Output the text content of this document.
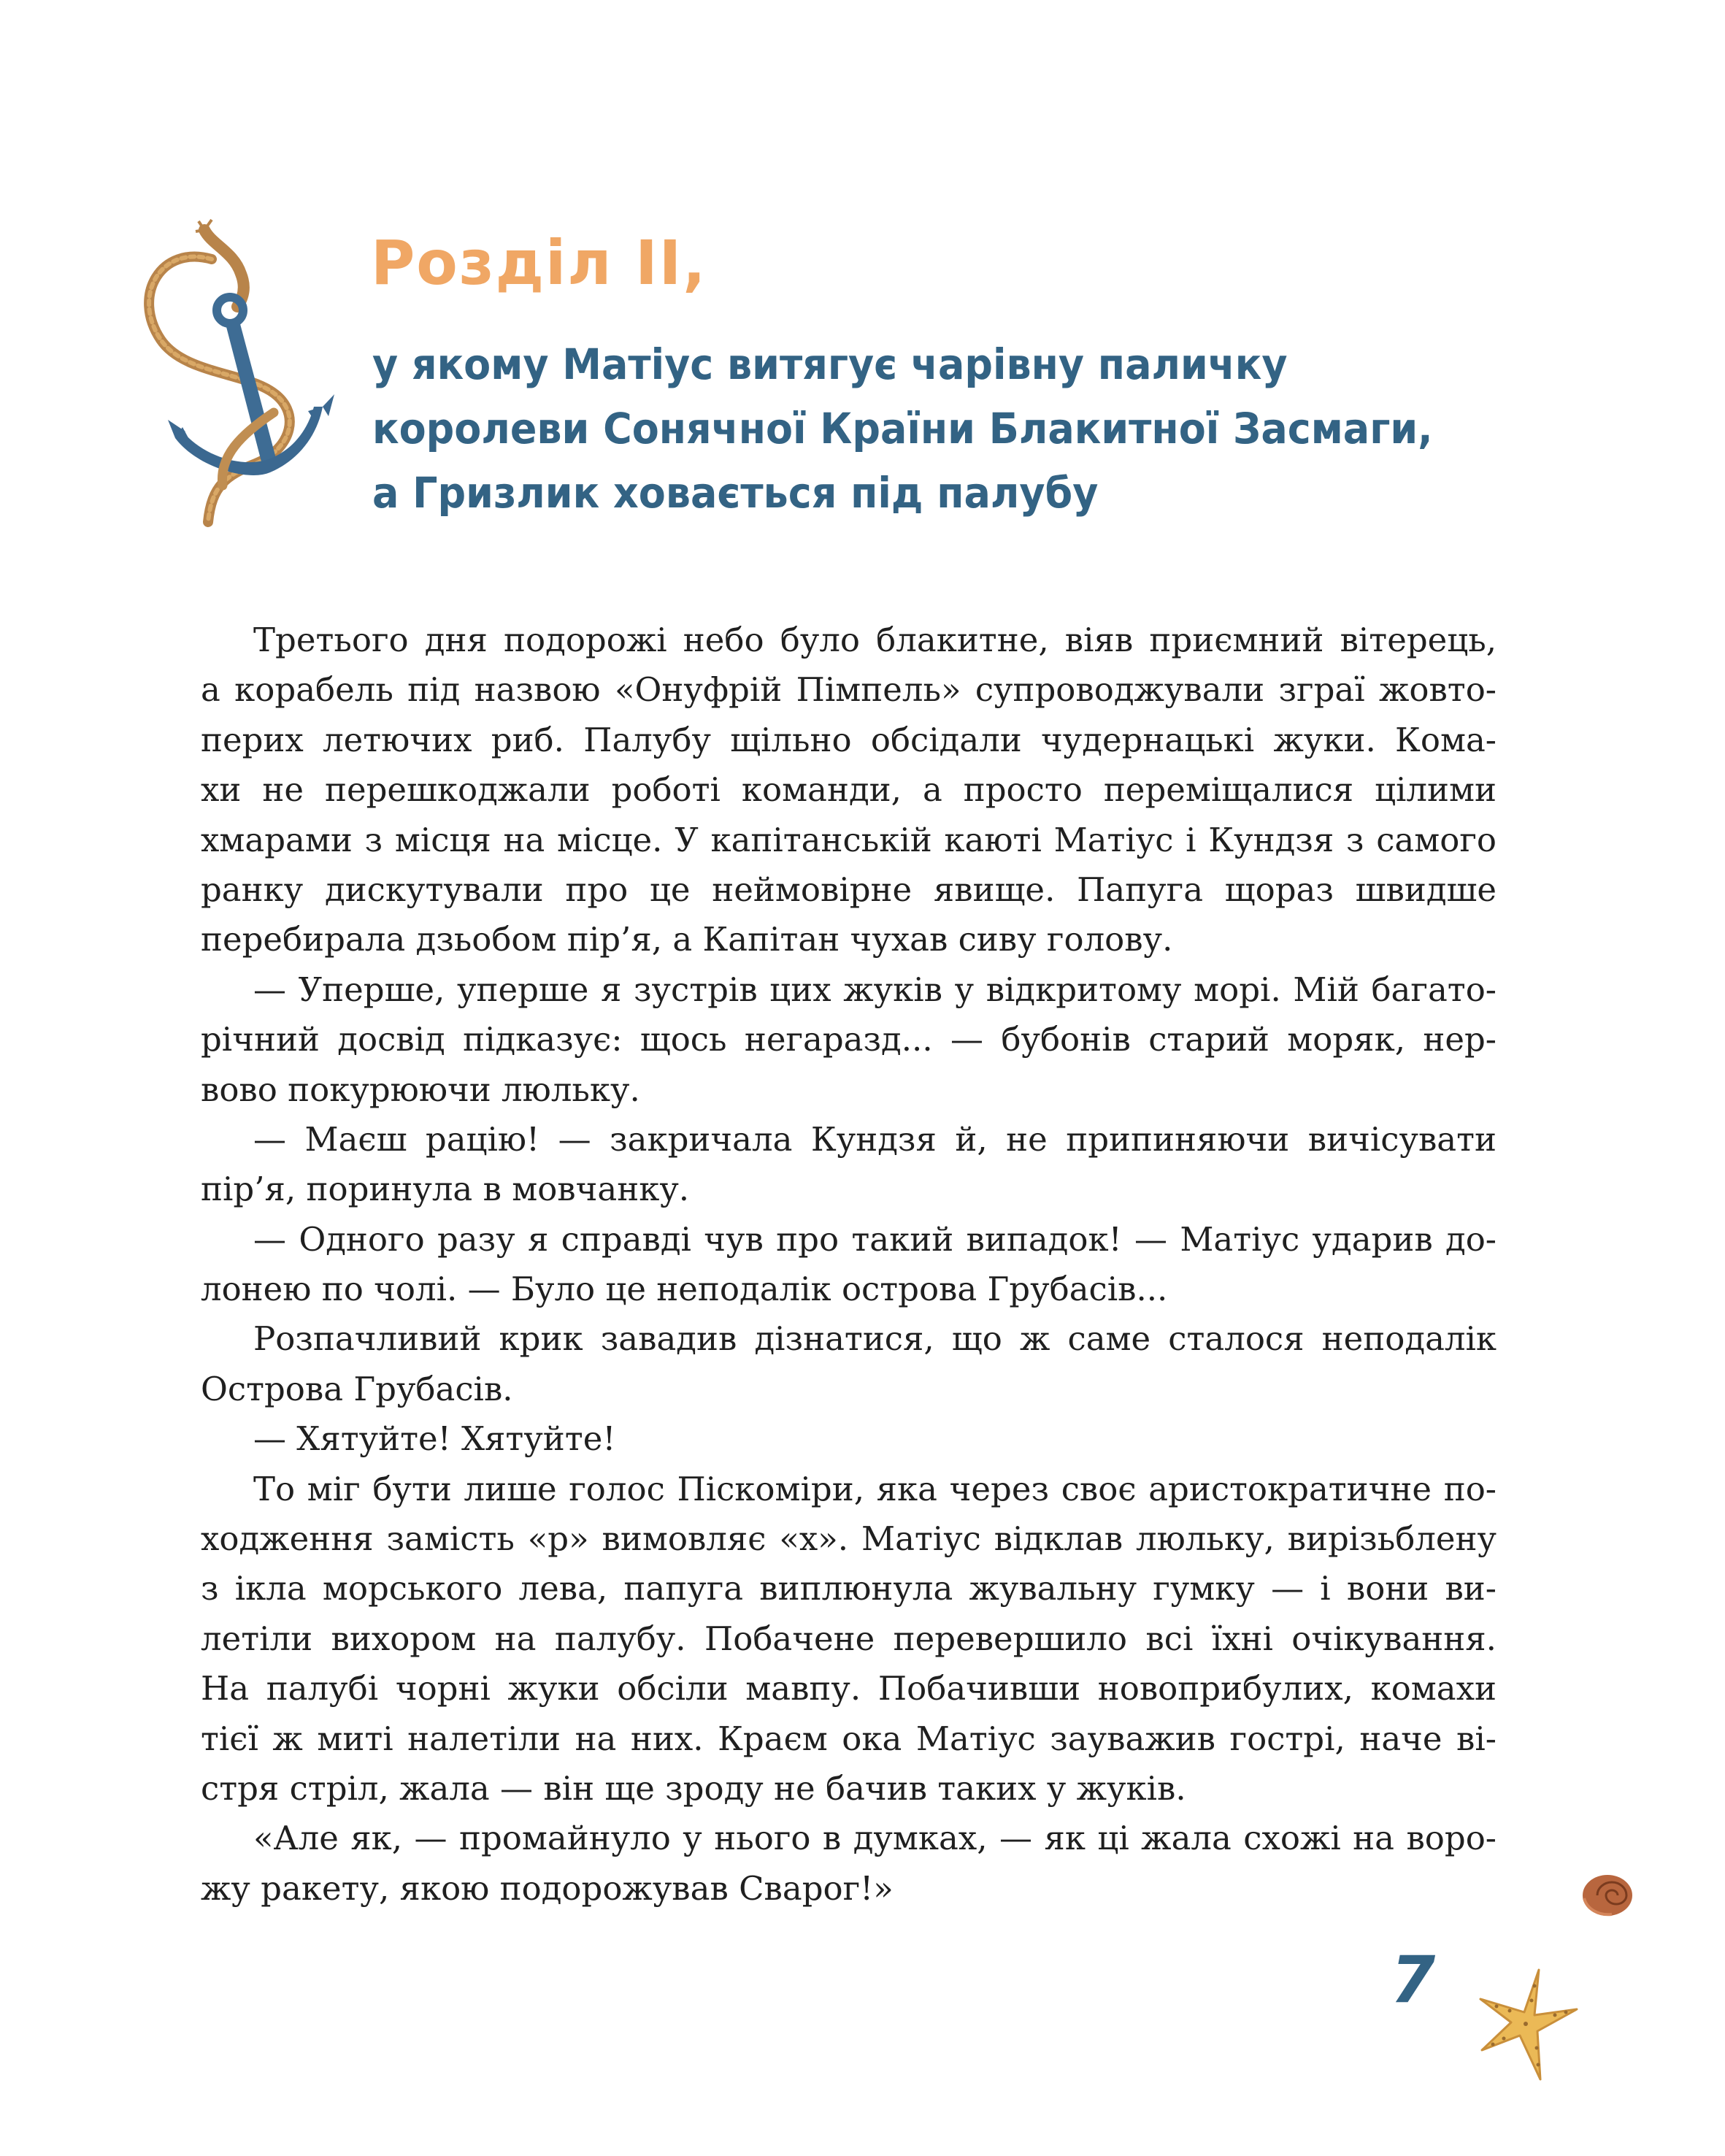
Розділ II,
у якому Матіус витягує чарівну паличку
королеви Сонячної Країни Блакитної Засмаги,
а Гризлик ховається під палубу
Третього дня подорожі небо було блакитне, віяв приємний вітерець,
а корабель під назвою «Онуфрій Пімпель» супроводжували зграї жовто-
перих летючих риб. Палубу щільно обсідали чудернацькі жуки. Кома-
хи не перешкоджали роботі команди, а просто переміщалися цілими
хмарами з місця на місце. У капітанській каюті Матіус і Кундзя з самого
ранку дискутували про це неймовірне явище. Папуга щораз швидше
перебирала дзьобом пір’я, а Капітан чухав сиву голову.
— Уперше, уперше я зустрів цих жуків у відкритому морі. Мій багато-
річний досвід підказує: щось негаразд... — бубонів старий моряк, нер-
вово покурюючи люльку.
— Маєш рацію! — закричала Кундзя й, не припиняючи вичісувати
пір’я, поринула в мовчанку.
— Одного разу я справді чув про такий випадок! — Матіус ударив до-
лонею по чолі. — Було це неподалік острова Грубасів...
Розпачливий крик завадив дізнатися, що ж саме сталося неподалік
Острова Грубасів.
— Хятуйте! Хятуйте!
То міг бути лише голос Піскоміри, яка через своє аристократичне по-
ходження замість «р» вимовляє «х». Матіус відклав люльку, вирізьблену
з ікла морського лева, папуга виплюнула жувальну гумку — і вони ви-
летіли вихором на палубу. Побачене перевершило всі їхні очікування.
На палубі чорні жуки обсіли мавпу. Побачивши новоприбулих, комахи
тієї ж миті налетіли на них. Краєм ока Матіус зауважив гострі, наче ві-
стря стріл, жала — він ще зроду не бачив таких у жуків.
«Але як, — промайнуло у нього в думках, — як ці жала схожі на воро-
жу ракету, якою подорожував Сварог!»
7
